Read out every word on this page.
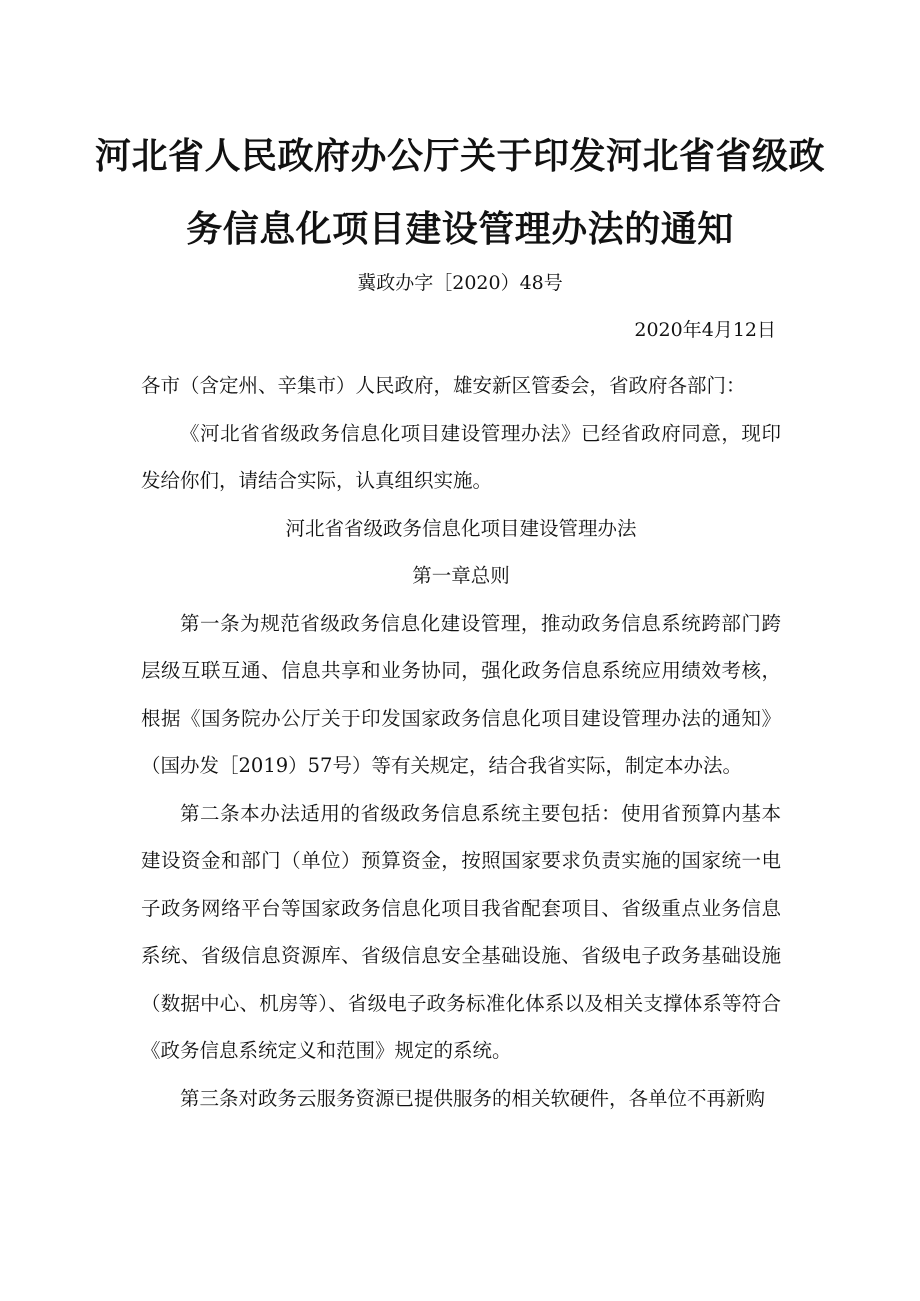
河北省人民政府办公厅关于印发河北省省级政
务信息化项目建设管理办法的通知
冀政办字［2020）48号
2020年4月12日

各市（含定州、辛集市）人民政府，雄安新区管委会，省政府各部门：

《河北省省级政务信息化项目建设管理办法》已经省政府同意，现印发给你们，请结合实际，认真组织实施。

河北省省级政务信息化项目建设管理办法

第一章总则

第一条为规范省级政务信息化建设管理，推动政务信息系统跨部门跨层级互联互通、信息共享和业务协同，强化政务信息系统应用绩效考核，根据《国务院办公厅关于印发国家政务信息化项目建设管理办法的通知》（国办发［2019）57号）等有关规定，结合我省实际，制定本办法。

第二条本办法适用的省级政务信息系统主要包括：使用省预算内基本建设资金和部门（单位）预算资金，按照国家要求负责实施的国家统一电子政务网络平台等国家政务信息化项目我省配套项目、省级重点业务信息系统、省级信息资源库、省级信息安全基础设施、省级电子政务基础设施（数据中心、机房等）、省级电子政务标准化体系以及相关支撑体系等符合《政务信息系统定义和范围》规定的系统。

第三条对政务云服务资源已提供服务的相关软硬件，各单位不再新购
